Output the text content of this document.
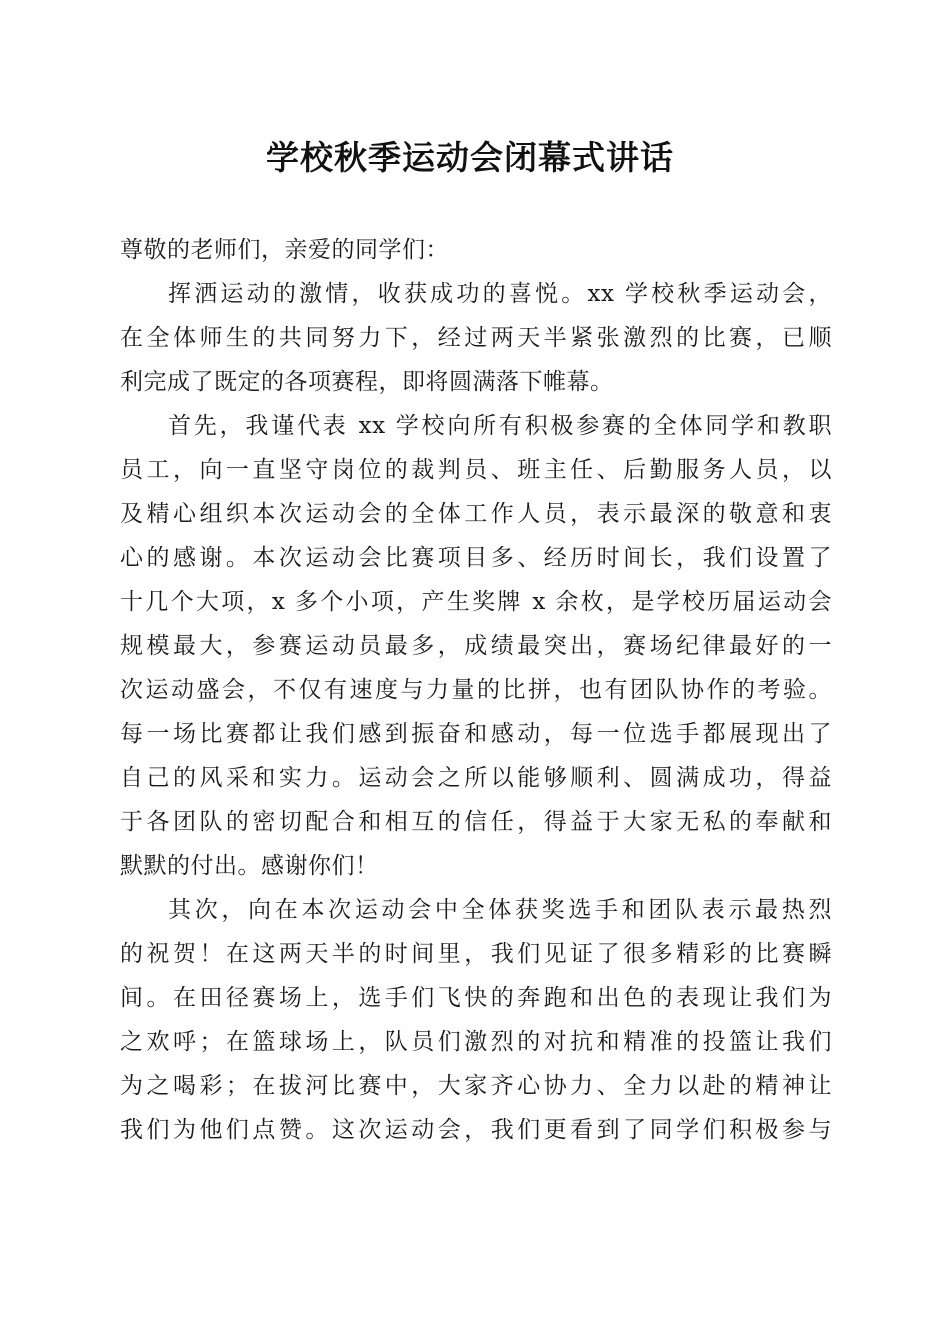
学校秋季运动会闭幕式讲话
尊敬的老师们，亲爱的同学们：
挥洒运动的激情，收获成功的喜悦。xx 学校秋季运动会，
在全体师生的共同努力下，经过两天半紧张激烈的比赛，已顺
利完成了既定的各项赛程，即将圆满落下帷幕。
首先，我谨代表 xx 学校向所有积极参赛的全体同学和教职
员工，向一直坚守岗位的裁判员、班主任、后勤服务人员，以
及精心组织本次运动会的全体工作人员，表示最深的敬意和衷
心的感谢。本次运动会比赛项目多、经历时间长，我们设置了
十几个大项，x 多个小项，产生奖牌 x 余枚，是学校历届运动会
规模最大，参赛运动员最多，成绩最突出，赛场纪律最好的一
次运动盛会，不仅有速度与力量的比拼，也有团队协作的考验。
每一场比赛都让我们感到振奋和感动，每一位选手都展现出了
自己的风采和实力。运动会之所以能够顺利、圆满成功，得益
于各团队的密切配合和相互的信任，得益于大家无私的奉献和
默默的付出。感谢你们！
其次，向在本次运动会中全体获奖选手和团队表示最热烈
的祝贺！在这两天半的时间里，我们见证了很多精彩的比赛瞬
间。在田径赛场上，选手们飞快的奔跑和出色的表现让我们为
之欢呼；在篮球场上，队员们激烈的对抗和精准的投篮让我们
为之喝彩；在拔河比赛中，大家齐心协力、全力以赴的精神让
我们为他们点赞。这次运动会，我们更看到了同学们积极参与
